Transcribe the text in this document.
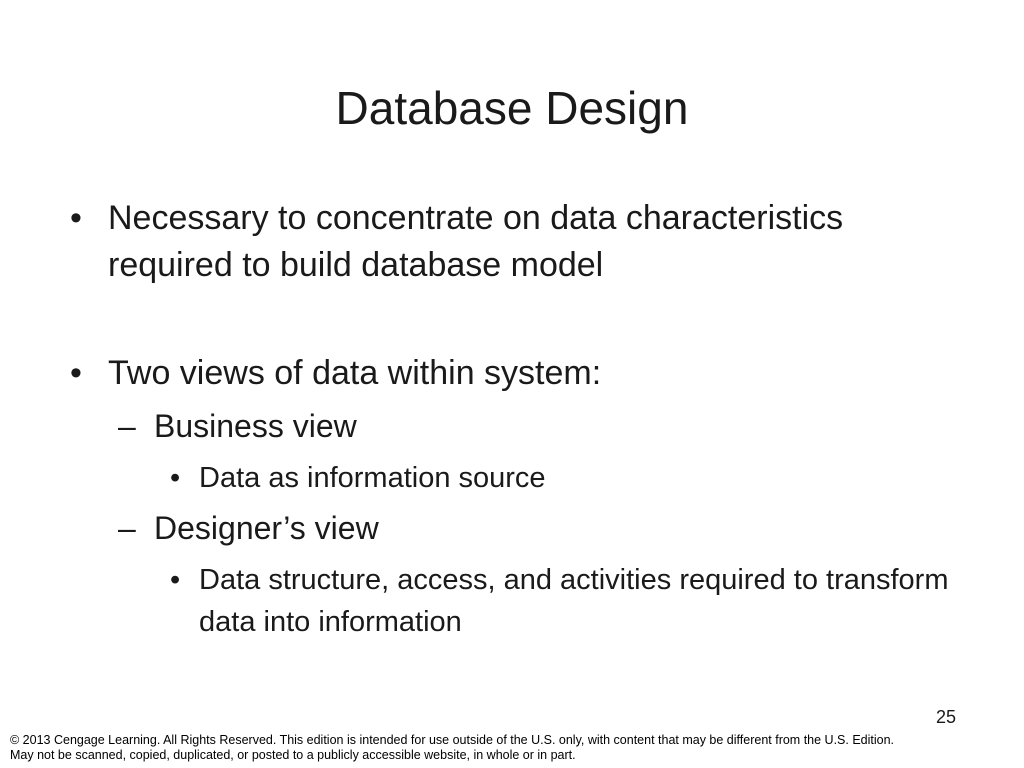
Database Design
• Necessary to concentrate on data characteristics required to build database model
• Two views of data within system:
– Business view
• Data as information source
– Designer’s view
• Data structure, access, and activities required to transform data into information
25
© 2013 Cengage Learning. All Rights Reserved. This edition is intended for use outside of the U.S. only, with content that may be different from the U.S. Edition.
May not be scanned, copied, duplicated, or posted to a publicly accessible website, in whole or in part.
